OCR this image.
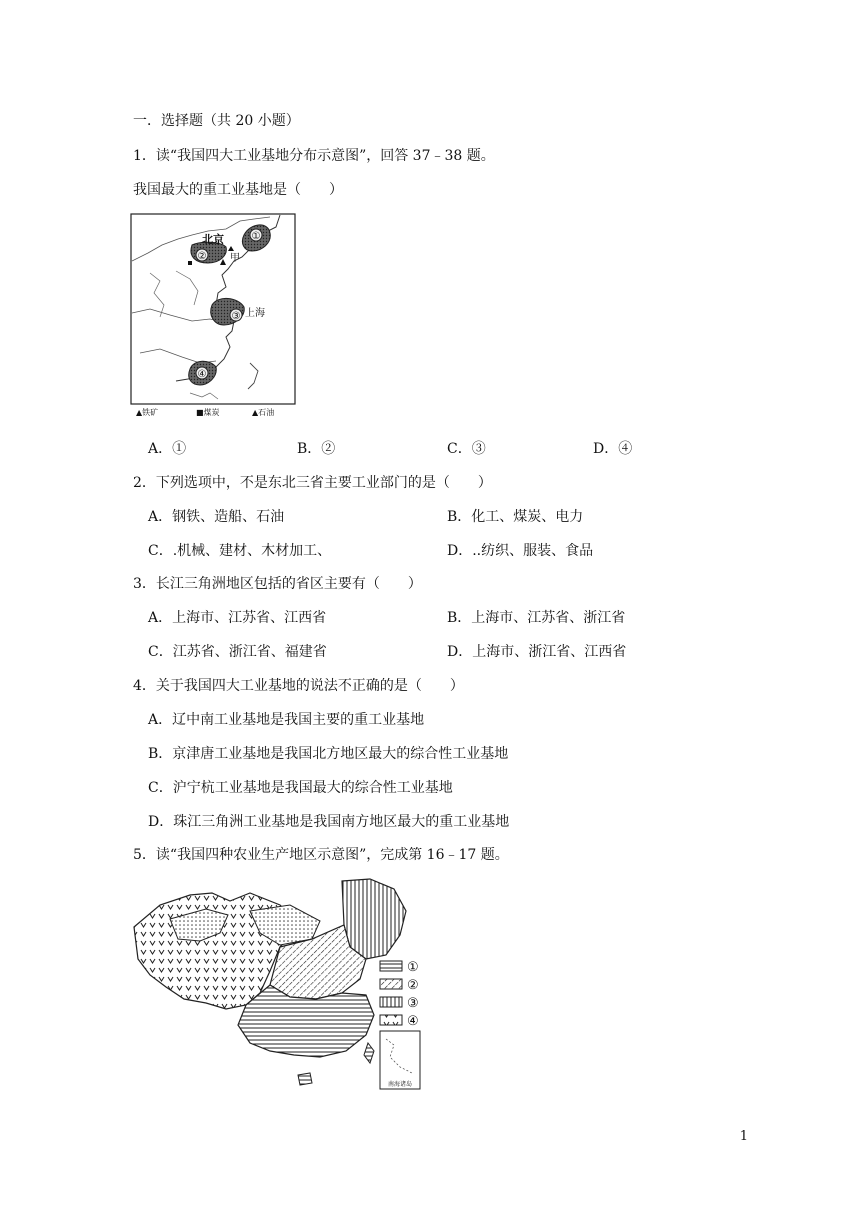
一．选择题（共 20 小题）
1．读“我国四大工业基地分布示意图”，回答 37﹣38 题。
我国最大的重工业基地是（　　）
①
②
北京
甲
③ 上海
④
▲铁矿	■煤炭	▲石油
A．①	B．②	C．③	D．④
2．下列选项中，不是东北三省主要工业部门的是（　　）
A．钢铁、造船、石油	B．化工、煤炭、电力
C．.机械、建材、木材加工、	D．..纺织、服装、食品
3．长江三角洲地区包括的省区主要有（　　）
A．上海市、江苏省、江西省	B．上海市、江苏省、浙江省
C．江苏省、浙江省、福建省	D．上海市、浙江省、江西省
4．关于我国四大工业基地的说法不正确的是（　　）
A．辽中南工业基地是我国主要的重工业基地
B．京津唐工业基地是我国北方地区最大的综合性工业基地
C．沪宁杭工业基地是我国最大的综合性工业基地
D．珠江三角洲工业基地是我国南方地区最大的重工业基地
5．读“我国四种农业生产地区示意图”，完成第 16﹣17 题。
①
②
③
④
南海诸岛
1
